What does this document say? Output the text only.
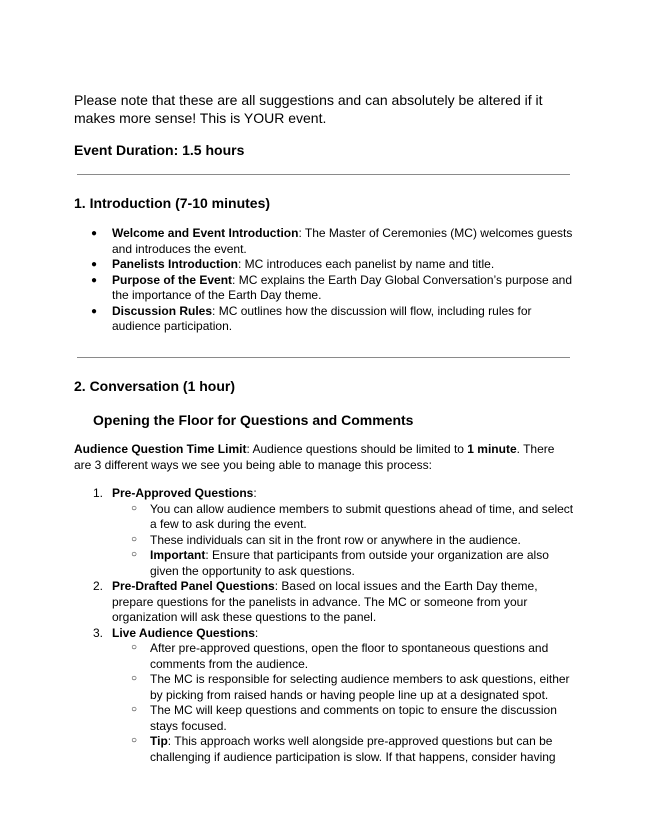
Please note that these are all suggestions and can absolutely be altered if it makes more sense! This is YOUR event.
Event Duration: 1.5 hours
1. Introduction (7-10 minutes)
● Welcome and Event Introduction: The Master of Ceremonies (MC) welcomes guests and introduces the event.
● Panelists Introduction: MC introduces each panelist by name and title.
● Purpose of the Event: MC explains the Earth Day Global Conversation’s purpose and the importance of the Earth Day theme.
● Discussion Rules: MC outlines how the discussion will flow, including rules for audience participation.
2. Conversation (1 hour)
Opening the Floor for Questions and Comments
Audience Question Time Limit: Audience questions should be limited to 1 minute. There are 3 different ways we see you being able to manage this process:
1. Pre-Approved Questions:
○ You can allow audience members to submit questions ahead of time, and select a few to ask during the event.
○ These individuals can sit in the front row or anywhere in the audience.
○ Important: Ensure that participants from outside your organization are also given the opportunity to ask questions.
2. Pre-Drafted Panel Questions: Based on local issues and the Earth Day theme, prepare questions for the panelists in advance. The MC or someone from your organization will ask these questions to the panel.
3. Live Audience Questions:
○ After pre-approved questions, open the floor to spontaneous questions and comments from the audience.
○ The MC is responsible for selecting audience members to ask questions, either by picking from raised hands or having people line up at a designated spot.
○ The MC will keep questions and comments on topic to ensure the discussion stays focused.
○ Tip: This approach works well alongside pre-approved questions but can be challenging if audience participation is slow. If that happens, consider having
